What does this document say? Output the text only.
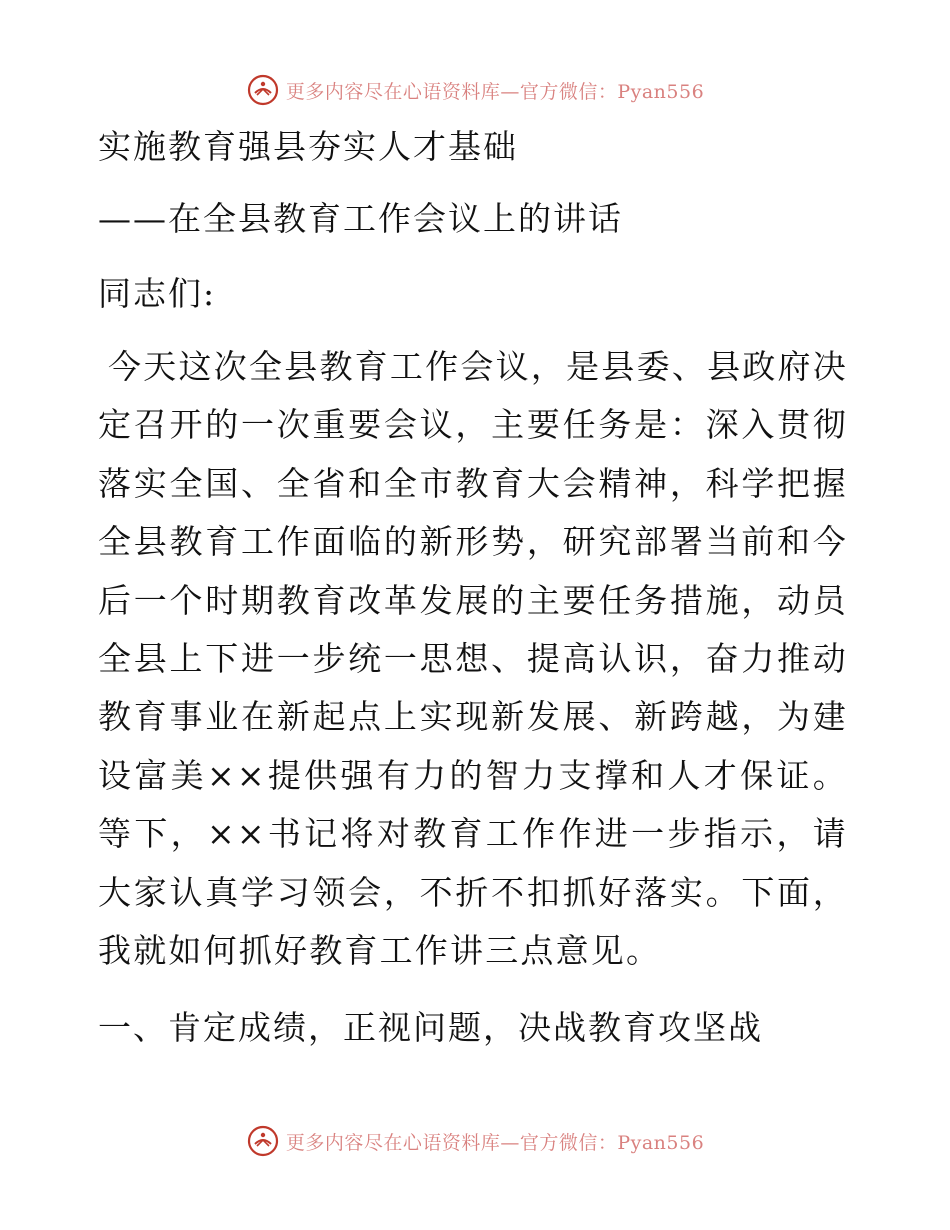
更多内容尽在心语资料库—官方微信：Pyan556
实施教育强县夯实人才基础
——在全县教育工作会议上的讲话
同志们:
今天这次全县教育工作会议，是县委、县政府决定召开的一次重要会议，主要任务是：深入贯彻落实全国、全省和全市教育大会精神，科学把握全县教育工作面临的新形势，研究部署当前和今后一个时期教育改革发展的主要任务措施，动员全县上下进一步统一思想、提高认识，奋力推动教育事业在新起点上实现新发展、新跨越，为建设富美××提供强有力的智力支撑和人才保证。等下，××书记将对教育工作作进一步指示，请大家认真学习领会，不折不扣抓好落实。下面，我就如何抓好教育工作讲三点意见。
一、肯定成绩，正视问题，决战教育攻坚战
更多内容尽在心语资料库—官方微信：Pyan556
